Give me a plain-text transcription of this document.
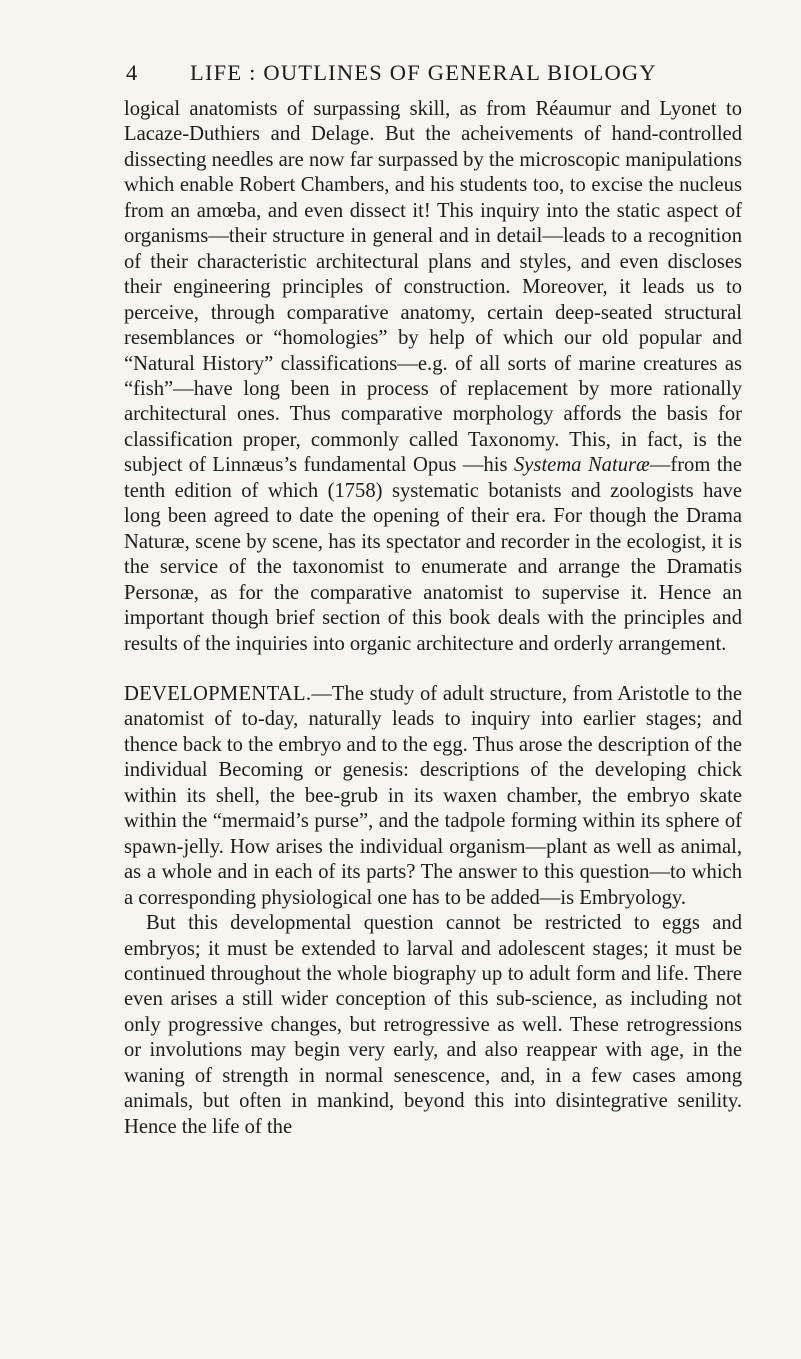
4	LIFE : OUTLINES OF GENERAL BIOLOGY

logical anatomists of surpassing skill, as from Réaumur and Lyonet to Lacaze-Duthiers and Delage. But the acheivements of hand-controlled dissecting needles are now far surpassed by the microscopic manipulations which enable Robert Chambers, and his students too, to excise the nucleus from an amœba, and even dissect it! This inquiry into the static aspect of organisms—their structure in general and in detail—leads to a recognition of their characteristic architectural plans and styles, and even discloses their engineering principles of construction. Moreover, it leads us to perceive, through comparative anatomy, certain deep-seated structural resemblances or “homologies” by help of which our old popular and “Natural History” classifications—e.g. of all sorts of marine creatures as “fish”—have long been in process of replacement by more rationally architectural ones. Thus comparative morphology affords the basis for classification proper, commonly called Taxonomy. This, in fact, is the subject of Linnæus’s fundamental Opus —his Systema Naturæ—from the tenth edition of which (1758) systematic botanists and zoologists have long been agreed to date the opening of their era. For though the Drama Naturæ, scene by scene, has its spectator and recorder in the ecologist, it is the service of the taxonomist to enumerate and arrange the Dramatis Personæ, as for the comparative anatomist to supervise it. Hence an important though brief section of this book deals with the principles and results of the inquiries into organic architecture and orderly arrangement.

DEVELOPMENTAL.—The study of adult structure, from Aristotle to the anatomist of to-day, naturally leads to inquiry into earlier stages; and thence back to the embryo and to the egg. Thus arose the description of the individual Becoming or genesis: descriptions of the developing chick within its shell, the bee-grub in its waxen chamber, the embryo skate within the “mermaid’s purse”, and the tadpole forming within its sphere of spawn-jelly. How arises the individual organism—plant as well as animal, as a whole and in each of its parts? The answer to this question—to which a corresponding physiological one has to be added—is Embryology.

But this developmental question cannot be restricted to eggs and embryos; it must be extended to larval and adolescent stages; it must be continued throughout the whole biography up to adult form and life. There even arises a still wider conception of this sub-science, as including not only progressive changes, but retrogressive as well. These retrogressions or involutions may begin very early, and also reappear with age, in the waning of strength in normal senescence, and, in a few cases among animals, but often in mankind, beyond this into disintegrative senility. Hence the life of the
